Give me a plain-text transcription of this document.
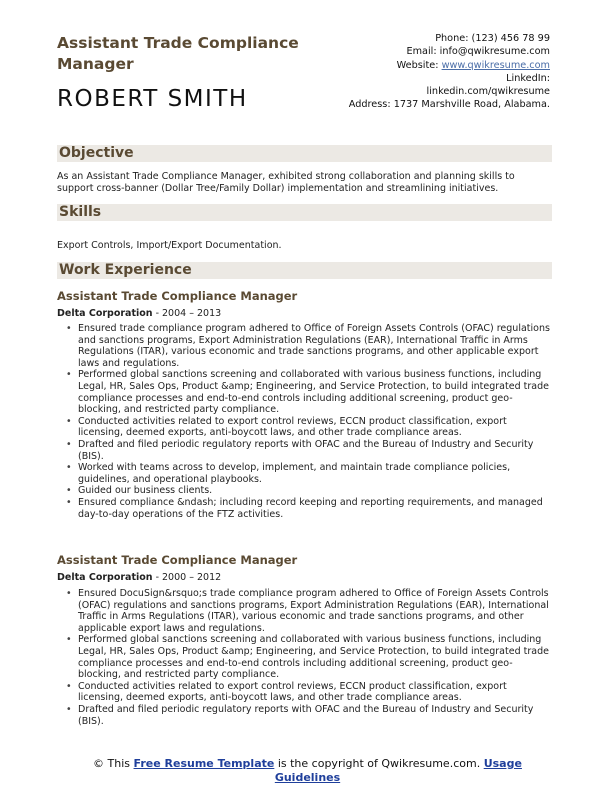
Assistant Trade Compliance Manager
ROBERT SMITH
Phone: (123) 456 78 99
Email: info@qwikresume.com
Website: www.qwikresume.com
LinkedIn:
linkedin.com/qwikresume
Address: 1737 Marshville Road, Alabama.
Objective
As an Assistant Trade Compliance Manager, exhibited strong collaboration and planning skills to support cross-banner (Dollar Tree/Family Dollar) implementation and streamlining initiatives.
Skills
Export Controls, Import/Export Documentation.
Work Experience
Assistant Trade Compliance Manager
Delta Corporation - 2004 – 2013
• Ensured trade compliance program adhered to Office of Foreign Assets Controls (OFAC) regulations and sanctions programs, Export Administration Regulations (EAR), International Traffic in Arms Regulations (ITAR), various economic and trade sanctions programs, and other applicable export laws and regulations.
• Performed global sanctions screening and collaborated with various business functions, including Legal, HR, Sales Ops, Product &amp; Engineering, and Service Protection, to build integrated trade compliance processes and end-to-end controls including additional screening, product geo-blocking, and restricted party compliance.
• Conducted activities related to export control reviews, ECCN product classification, export licensing, deemed exports, anti-boycott laws, and other trade compliance areas.
• Drafted and filed periodic regulatory reports with OFAC and the Bureau of Industry and Security (BIS).
• Worked with teams across to develop, implement, and maintain trade compliance policies, guidelines, and operational playbooks.
• Guided our business clients.
• Ensured compliance &ndash; including record keeping and reporting requirements, and managed day-to-day operations of the FTZ activities.
Assistant Trade Compliance Manager
Delta Corporation - 2000 – 2012
• Ensured DocuSign&rsquo;s trade compliance program adhered to Office of Foreign Assets Controls (OFAC) regulations and sanctions programs, Export Administration Regulations (EAR), International Traffic in Arms Regulations (ITAR), various economic and trade sanctions programs, and other applicable export laws and regulations.
• Performed global sanctions screening and collaborated with various business functions, including Legal, HR, Sales Ops, Product &amp; Engineering, and Service Protection, to build integrated trade compliance processes and end-to-end controls including additional screening, product geo-blocking, and restricted party compliance.
• Conducted activities related to export control reviews, ECCN product classification, export licensing, deemed exports, anti-boycott laws, and other trade compliance areas.
• Drafted and filed periodic regulatory reports with OFAC and the Bureau of Industry and Security (BIS).
© This Free Resume Template is the copyright of Qwikresume.com. Usage Guidelines
